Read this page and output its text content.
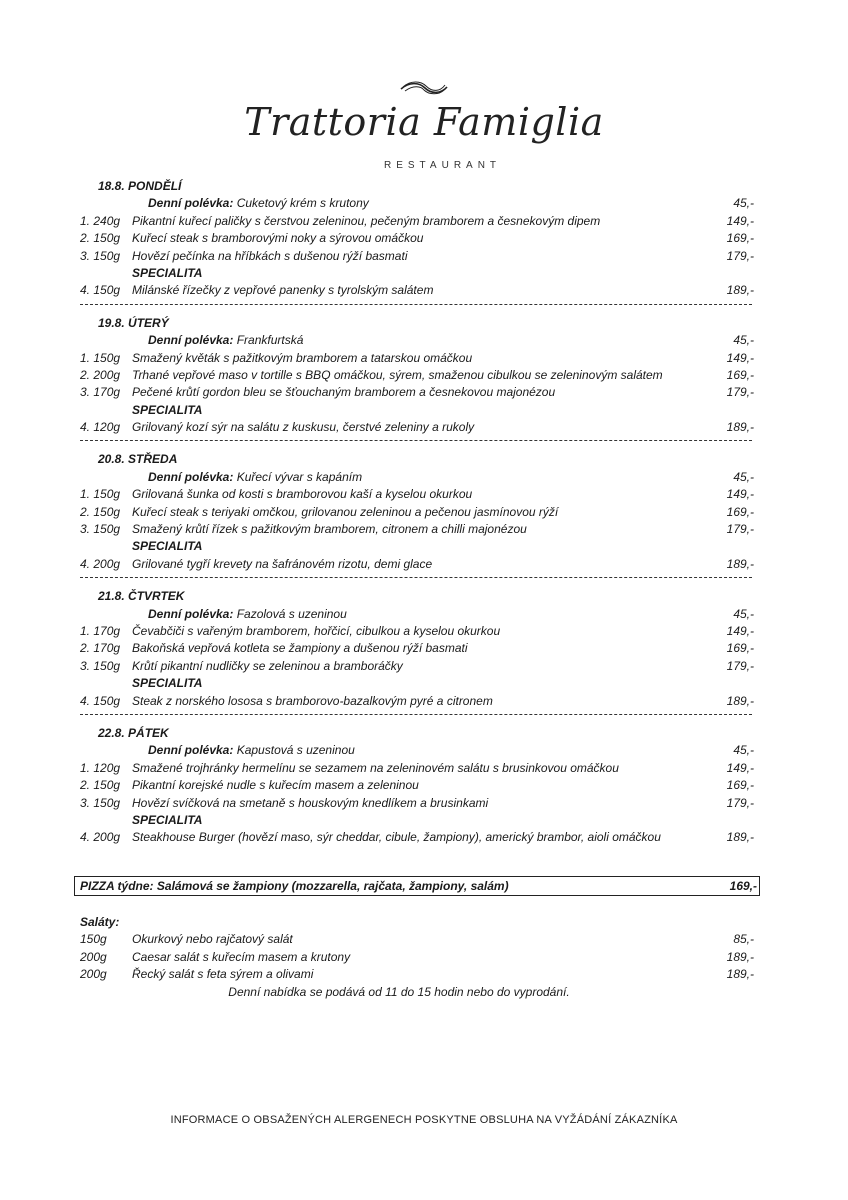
Trattoria Famiglia
RESTAURANT
18.8. PONDĚLÍ
Denní polévka: Cuketový krém s krutony	45,-
1. 240g Pikantní kuřecí paličky s čerstvou zeleninou, pečeným bramborem a česnekovým dipem	149,-
2. 150g Kuřecí steak s bramborovými noky a sýrovou omáčkou	169,-
3. 150g Hovězí pečínka na hříbkách s dušenou rýží basmati	179,-
SPECIALITA
4. 150g Milánské řízečky z vepřové panenky s tyrolským salátem	189,-
19.8. ÚTERÝ
Denní polévka: Frankfurtská	45,-
1. 150g Smažený květák s pažitkovým bramborem a tatarskou omáčkou	149,-
2. 200g Trhané vepřové maso v tortille s BBQ omáčkou, sýrem, smaženou cibulkou se zeleninovým salátem	169,-
3. 170g Pečené krůtí gordon bleu se šťouchaným bramborem a česnekovou majonézou	179,-
SPECIALITA
4. 120g Grilovaný kozí sýr na salátu z kuskusu, čerstvé zeleniny a rukoly	189,-
20.8. STŘEDA
Denní polévka: Kuřecí vývar s kapáním	45,-
1. 150g Grilovaná šunka od kosti s bramborovou kaší a kyselou okurkou	149,-
2. 150g Kuřecí steak s teriyaki omčkou, grilovanou zeleninou a pečenou jasmínovou rýží	169,-
3. 150g Smažený krůtí řízek s pažitkovým bramborem, citronem a chilli majonézou	179,-
SPECIALITA
4. 200g Grilované tygří krevety na šafránovém rizotu, demi glace	189,-
21.8. ČTVRTEK
Denní polévka: Fazolová s uzeninou	45,-
1. 170g Čevabčiči s vařeným bramborem, hořčicí, cibulkou a kyselou okurkou	149,-
2. 170g Bakoňská vepřová kotleta se žampiony a dušenou rýží basmati	169,-
3. 150g Krůtí pikantní nudličky se zeleninou a bramboráčky	179,-
SPECIALITA
4. 150g Steak z norského lososa s bramborovo-bazalkovým pyré a citronem	189,-
22.8. PÁTEK
Denní polévka: Kapustová s uzeninou	45,-
1. 120g Smažené trojhránky hermelínu se sezamem na zeleninovém salátu s brusinkovou omáčkou	149,-
2. 150g Pikantní korejské nudle s kuřecím masem a zeleninou	169,-
3. 150g Hovězí svíčková na smetaně s houskovým knedlíkem a brusinkami	179,-
SPECIALITA
4. 200g Steakhouse Burger (hovězí maso, sýr cheddar, cibule, žampiony), americký brambor, aioli omáčkou	189,-
PIZZA týdne: Salámová se žampiony (mozzarella, rajčata, žampiony, salám)	169,-
Saláty:
150g	Okurkový nebo rajčatový salát	85,-
200g	Caesar salát s kuřecím masem a krutony	189,-
200g	Řecký salát s feta sýrem a olivami	189,-
Denní nabídka se podává od 11 do 15 hodin nebo do vyprodání.
INFORMACE O OBSAŽENÝCH ALERGENECH POSKYTNE OBSLUHA NA VYŽÁDÁNÍ ZÁKAZNÍKA
